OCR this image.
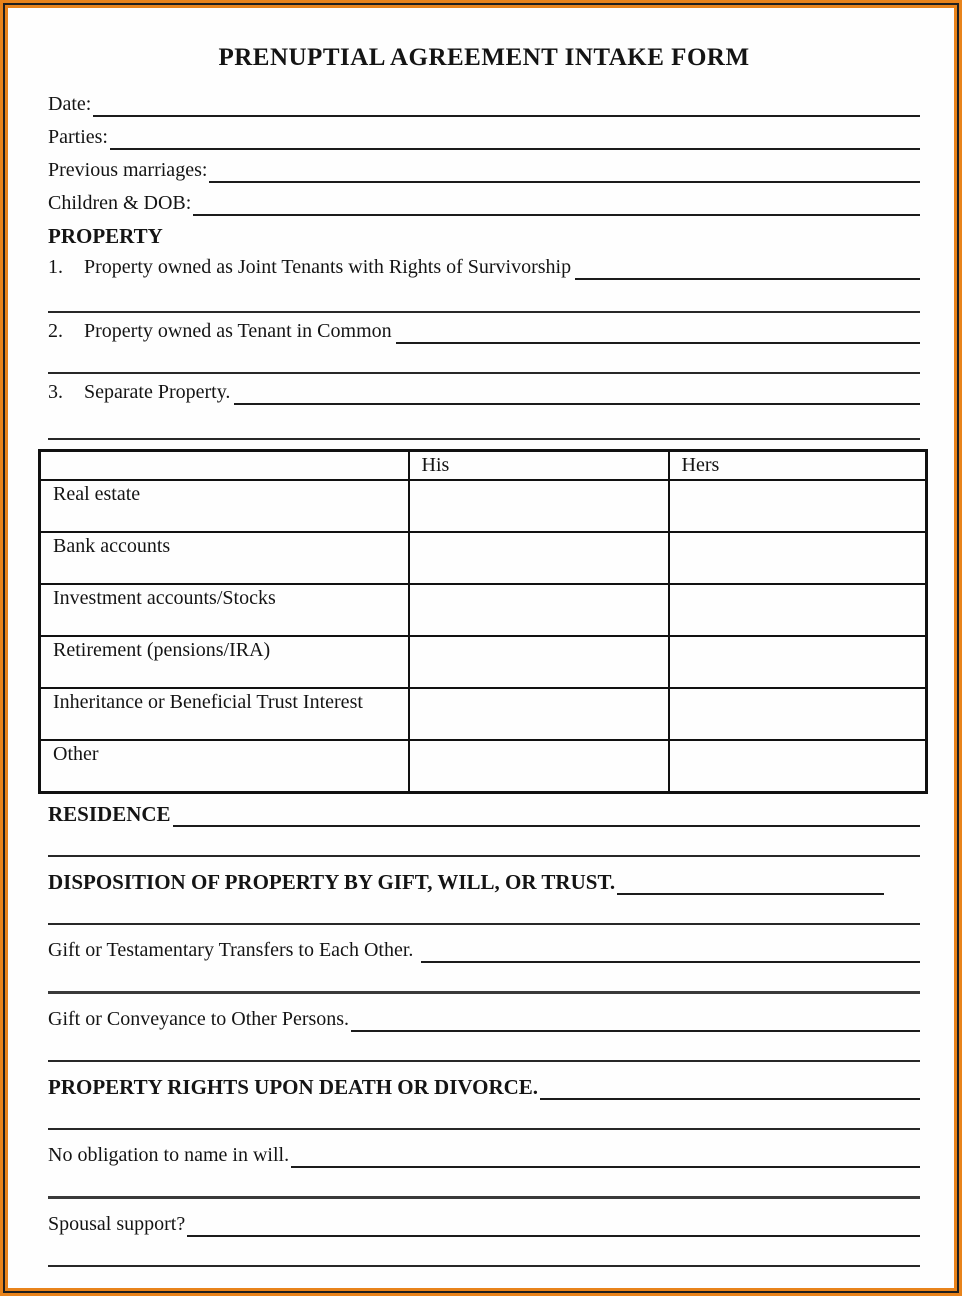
PRENUPTIAL AGREEMENT INTAKE FORM
Date:
Parties:
Previous marriages:
Children & DOB:
PROPERTY
1.	Property owned as Joint Tenants with Rights of Survivorship
2.	Property owned as Tenant in Common
3.	Separate Property.
	His	Hers
Real estate		
Bank accounts		
Investment accounts/Stocks		
Retirement (pensions/IRA)		
Inheritance or Beneficial Trust Interest		
Other		
RESIDENCE
DISPOSITION OF PROPERTY BY GIFT, WILL, OR TRUST.
Gift or Testamentary Transfers to Each Other.
Gift or Conveyance to Other Persons.
PROPERTY RIGHTS UPON DEATH OR DIVORCE.
No obligation to name in will.
Spousal support?
